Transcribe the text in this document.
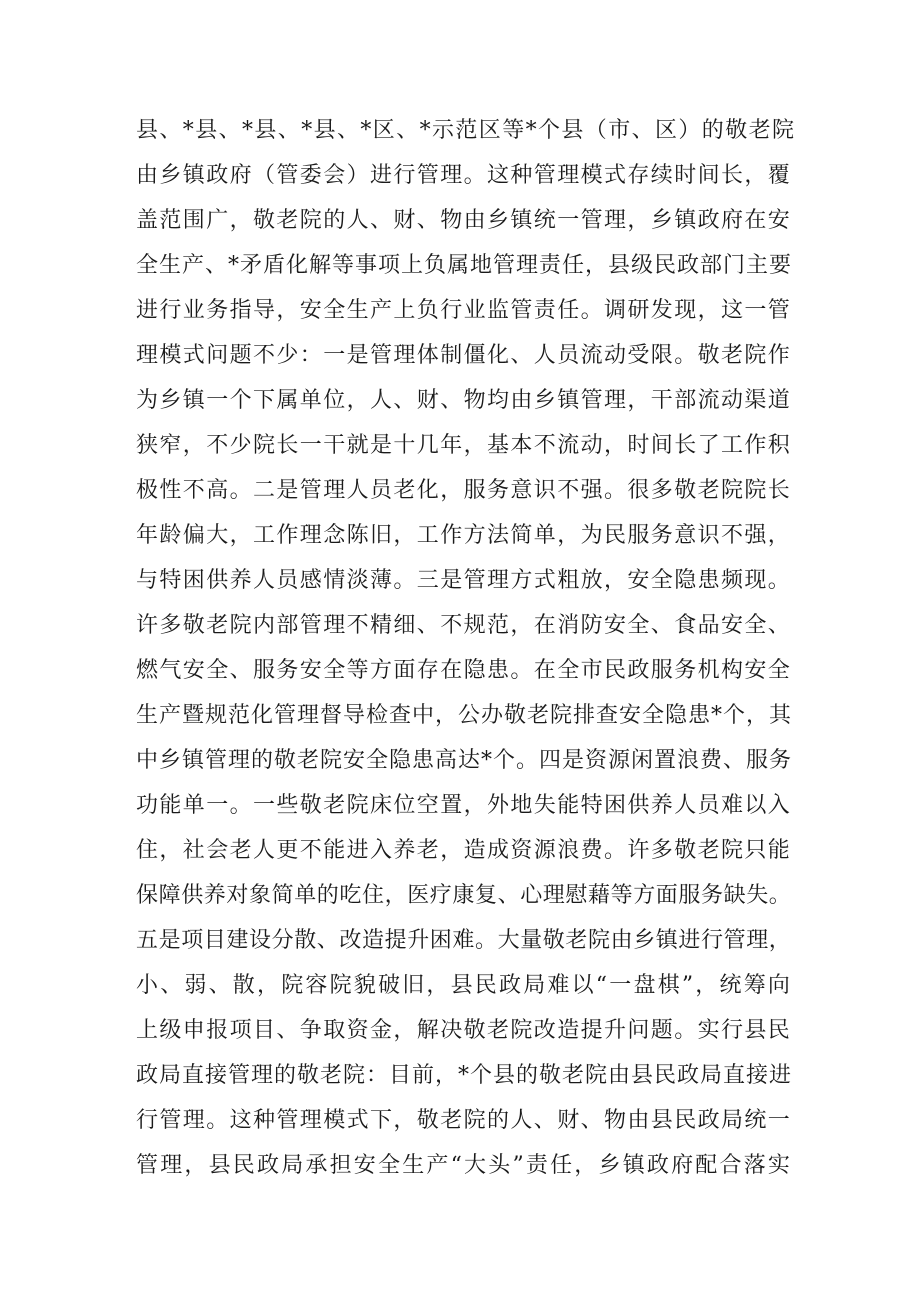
县、*县、*县、*县、*区、*示范区等*个县（市、区）的敬老院
由乡镇政府（管委会）进行管理。这种管理模式存续时间长，覆
盖范围广，敬老院的人、财、物由乡镇统一管理，乡镇政府在安
全生产、*矛盾化解等事项上负属地管理责任，县级民政部门主要
进行业务指导，安全生产上负行业监管责任。调研发现，这一管
理模式问题不少：一是管理体制僵化、人员流动受限。敬老院作
为乡镇一个下属单位，人、财、物均由乡镇管理，干部流动渠道
狭窄，不少院长一干就是十几年，基本不流动，时间长了工作积
极性不高。二是管理人员老化，服务意识不强。很多敬老院院长
年龄偏大，工作理念陈旧，工作方法简单，为民服务意识不强，
与特困供养人员感情淡薄。三是管理方式粗放，安全隐患频现。
许多敬老院内部管理不精细、不规范，在消防安全、食品安全、
燃气安全、服务安全等方面存在隐患。在全市民政服务机构安全
生产暨规范化管理督导检查中，公办敬老院排查安全隐患*个，其
中乡镇管理的敬老院安全隐患高达*个。四是资源闲置浪费、服务
功能单一。一些敬老院床位空置，外地失能特困供养人员难以入
住，社会老人更不能进入养老，造成资源浪费。许多敬老院只能
保障供养对象简单的吃住，医疗康复、心理慰藉等方面服务缺失。
五是项目建设分散、改造提升困难。大量敬老院由乡镇进行管理，
小、弱、散，院容院貌破旧，县民政局难以“一盘棋”，统筹向
上级申报项目、争取资金，解决敬老院改造提升问题。实行县民
政局直接管理的敬老院：目前，*个县的敬老院由县民政局直接进
行管理。这种管理模式下，敬老院的人、财、物由县民政局统一
管理，县民政局承担安全生产“大头”责任，乡镇政府配合落实
